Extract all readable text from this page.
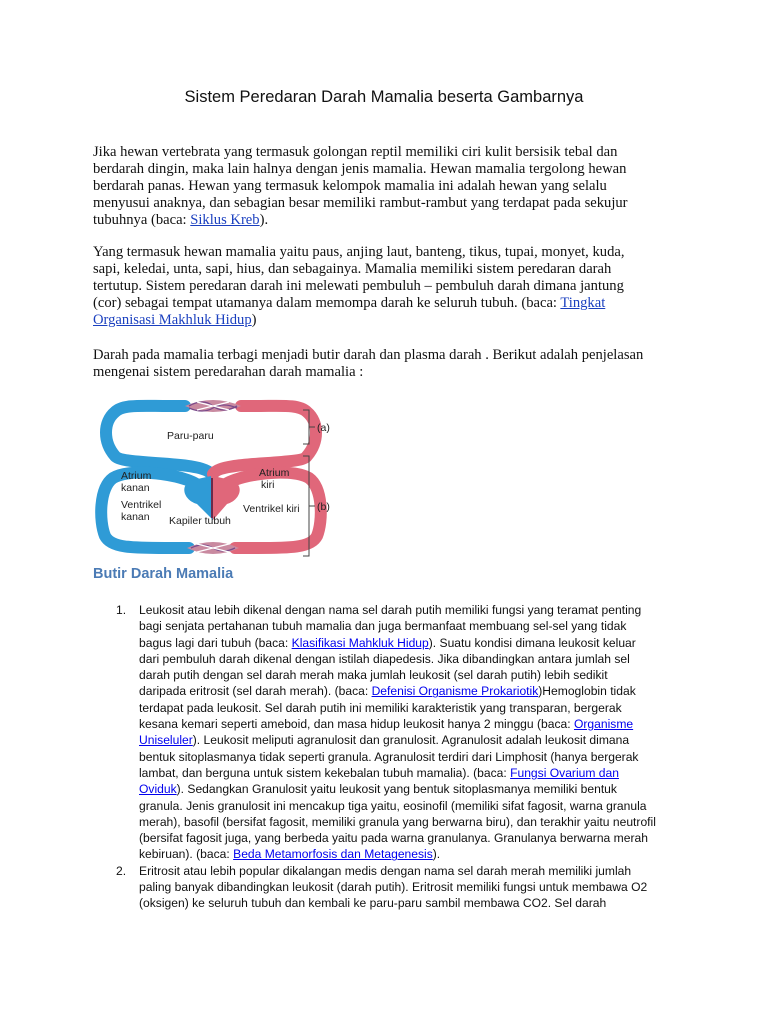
Sistem Peredaran Darah Mamalia beserta Gambarnya
Jika hewan vertebrata yang termasuk golongan reptil memiliki ciri kulit bersisik tebal dan berdarah dingin, maka lain halnya dengan jenis mamalia. Hewan mamalia tergolong hewan berdarah panas. Hewan yang termasuk kelompok mamalia ini adalah hewan yang selalu menyusui anaknya, dan sebagian besar memiliki rambut-rambut yang terdapat pada sekujur tubuhnya (baca: Siklus Kreb).
Yang termasuk hewan mamalia yaitu paus, anjing laut, banteng, tikus, tupai, monyet, kuda, sapi, keledai, unta, sapi, hius, dan sebagainya. Mamalia memiliki sistem peredaran darah tertutup. Sistem peredaran darah ini melewati pembuluh – pembuluh darah dimana jantung (cor) sebagai tempat utamanya dalam memompa darah ke seluruh tubuh. (baca: Tingkat Organisasi Makhluk Hidup)
Darah pada mamalia terbagi menjadi butir darah dan plasma darah . Berikut adalah penjelasan mengenai sistem peredarahan darah mamalia :
Paru-paru
Atrium
kanan
Atrium
kiri
Ventrikel
kanan
Ventrikel kiri
Kapiler tubuh
(a)
(b)
Butir Darah Mamalia
1. Leukosit atau lebih dikenal dengan nama sel darah putih memiliki fungsi yang teramat penting bagi senjata pertahanan tubuh mamalia dan juga bermanfaat membuang sel-sel yang tidak bagus lagi dari tubuh (baca: Klasifikasi Mahkluk Hidup). Suatu kondisi dimana leukosit keluar dari pembuluh darah dikenal dengan istilah diapedesis. Jika dibandingkan antara jumlah sel darah putih dengan sel darah merah maka jumlah leukosit (sel darah putih) lebih sedikit daripada eritrosit (sel darah merah). (baca: Defenisi Organisme Prokariotik)Hemoglobin tidak terdapat pada leukosit. Sel darah putih ini memiliki karakteristik yang transparan, bergerak kesana kemari seperti ameboid, dan masa hidup leukosit hanya 2 minggu (baca: Organisme Uniseluler). Leukosit meliputi agranulosit dan granulosit. Agranulosit adalah leukosit dimana bentuk sitoplasmanya tidak seperti granula. Agranulosit terdiri dari Limphosit (hanya bergerak lambat, dan berguna untuk sistem kekebalan tubuh mamalia). (baca: Fungsi Ovarium dan Oviduk). Sedangkan Granulosit yaitu leukosit yang bentuk sitoplasmanya memiliki bentuk granula. Jenis granulosit ini mencakup tiga yaitu, eosinofil (memiliki sifat fagosit, warna granula merah), basofil (bersifat fagosit, memiliki granula yang berwarna biru), dan terakhir yaitu neutrofil (bersifat fagosit juga, yang berbeda yaitu pada warna granulanya. Granulanya berwarna merah kebiruan). (baca: Beda Metamorfosis dan Metagenesis).
2. Eritrosit atau lebih popular dikalangan medis dengan nama sel darah merah memiliki jumlah paling banyak dibandingkan leukosit (darah putih). Eritrosit memiliki fungsi untuk membawa O2 (oksigen) ke seluruh tubuh dan kembali ke paru-paru sambil membawa CO2. Sel darah
